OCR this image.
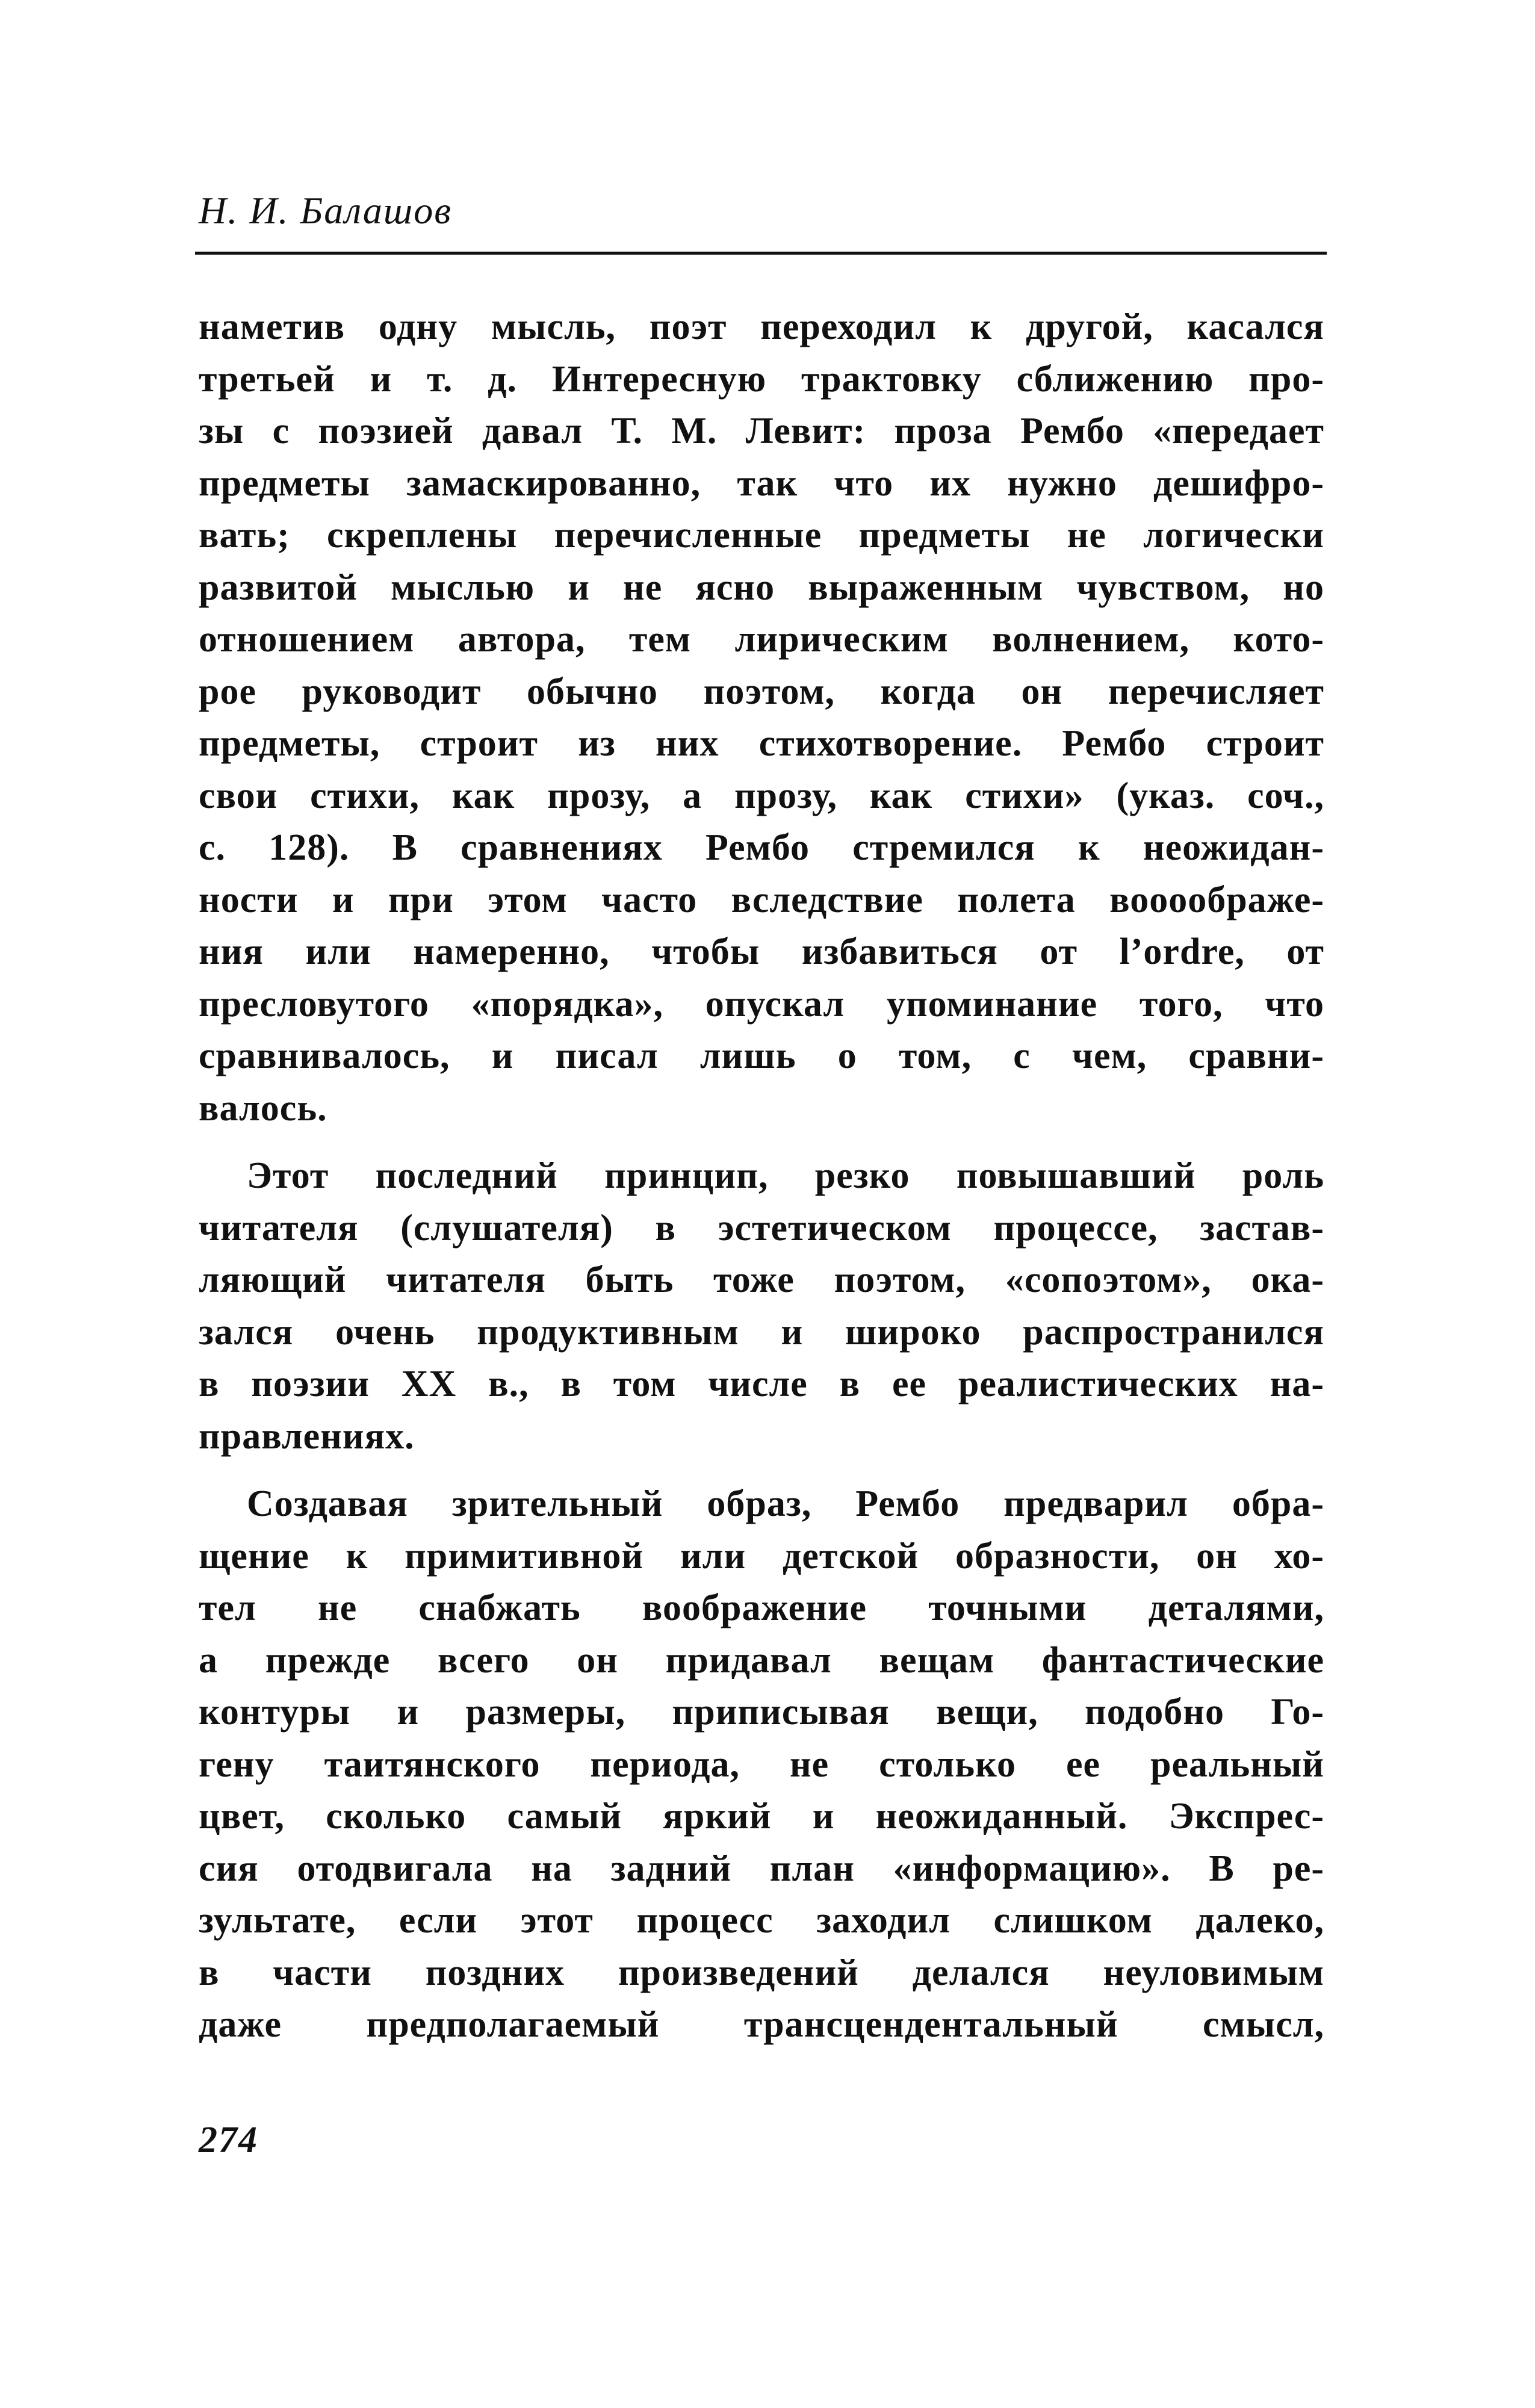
Н. И. Балашов
наметив одну мысль, поэт переходил к другой, касался
третьей и т. д. Интересную трактовку сближению про-
зы с поэзией давал Т. М. Левит: проза Рембо «передает
предметы замаскированно, так что их нужно дешифро-
вать; скреплены перечисленные предметы не логически
развитой мыслью и не ясно выраженным чувством, но
отношением автора, тем лирическим волнением, кото-
рое руководит обычно поэтом, когда он перечисляет
предметы, строит из них стихотворение. Рембо строит
свои стихи, как прозу, а прозу, как стихи» (указ. соч.,
с. 128). В сравнениях Рембо стремился к неожидан-
ности и при этом часто вследствие полета воооображе-
ния или намеренно, чтобы избавиться от l’ordre, от
пресловутого «порядка», опускал упоминание того, что
сравнивалось, и писал лишь о том, с чем, сравни-
валось.
Этот последний принцип, резко повышавший роль
читателя (слушателя) в эстетическом процессе, застав-
ляющий читателя быть тоже поэтом, «сопоэтом», ока-
зался очень продуктивным и широко распространился
в поэзии XX в., в том числе в ее реалистических на-
правлениях.
Создавая зрительный образ, Рембо предварил обра-
щение к примитивной или детской образности, он хо-
тел не снабжать воображение точными деталями,
а прежде всего он придавал вещам фантастические
контуры и размеры, приписывая вещи, подобно Го-
гену таитянского периода, не столько ее реальный
цвет, сколько самый яркий и неожиданный. Экспрес-
сия отодвигала на задний план «информацию». В ре-
зультате, если этот процесс заходил слишком далеко,
в части поздних произведений делался неуловимым
даже предполагаемый трансцендентальный смысл,
274
